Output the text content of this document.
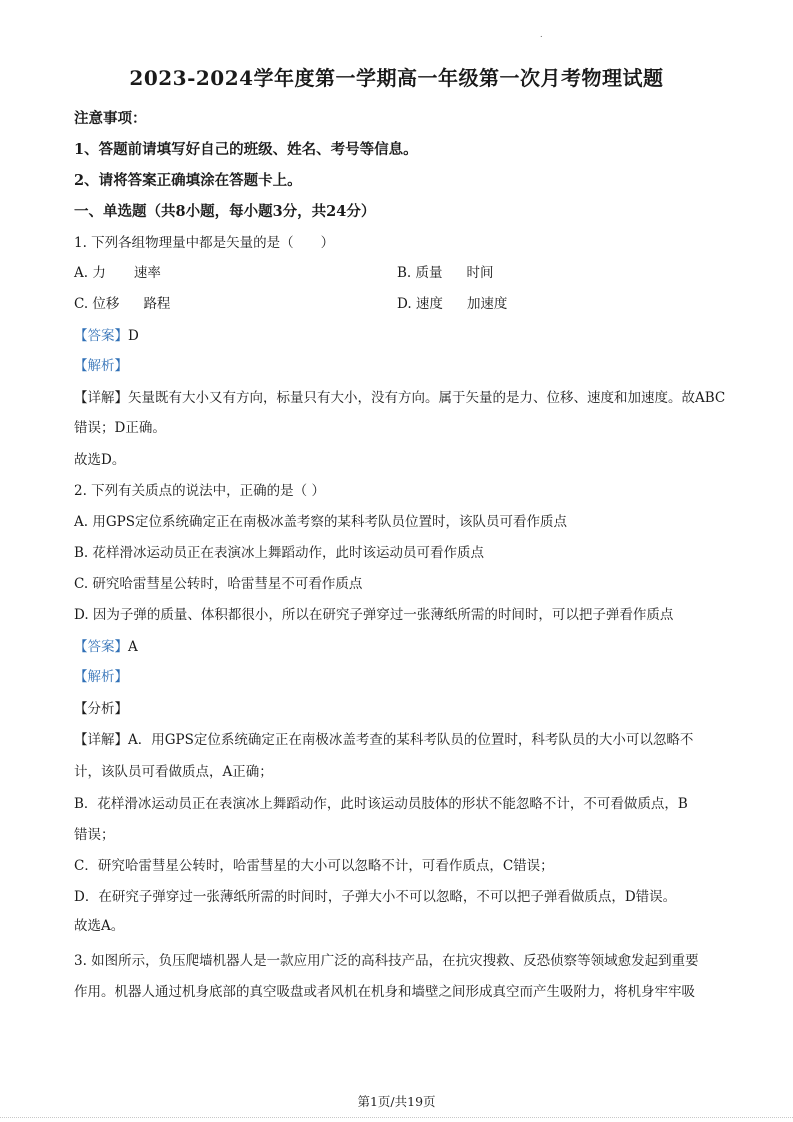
.
2023-2024学年度第一学期高一年级第一次月考物理试题
注意事项：
1、答题前请填写好自己的班级、姓名、考号等信息。
2、请将答案正确填涂在答题卡上。
一、单选题（共8小题，每小题3分，共24分）
1. 下列各组物理量中都是矢量的是（　　）
A. 力 速率	B. 质量 时间
C. 位移 路程	D. 速度 加速度
【答案】D
【解析】
【详解】矢量既有大小又有方向，标量只有大小，没有方向。属于矢量的是力、位移、速度和加速度。故ABC
错误；D正确。
故选D。
2. 下列有关质点的说法中，正确的是（ ）
A. 用GPS定位系统确定正在南极冰盖考察的某科考队员位置时，该队员可看作质点
B. 花样滑冰运动员正在表演冰上舞蹈动作，此时该运动员可看作质点
C. 研究哈雷彗星公转时，哈雷彗星不可看作质点
D. 因为子弹的质量、体积都很小，所以在研究子弹穿过一张薄纸所需的时间时，可以把子弹看作质点
【答案】A
【解析】
【分析】
【详解】A．用GPS定位系统确定正在南极冰盖考查的某科考队员的位置时，科考队员的大小可以忽略不
计，该队员可看做质点，A正确；
B．花样滑冰运动员正在表演冰上舞蹈动作，此时该运动员肢体的形状不能忽略不计，不可看做质点，B
错误；
C．研究哈雷彗星公转时，哈雷彗星的大小可以忽略不计，可看作质点，C错误；
D．在研究子弹穿过一张薄纸所需的时间时，子弹大小不可以忽略，不可以把子弹看做质点，D错误。
故选A。
3. 如图所示，负压爬墙机器人是一款应用广泛的高科技产品，在抗灾搜救、反恐侦察等领域愈发起到重要
作用。机器人通过机身底部的真空吸盘或者风机在机身和墙壁之间形成真空而产生吸附力，将机身牢牢吸
第1页/共19页
